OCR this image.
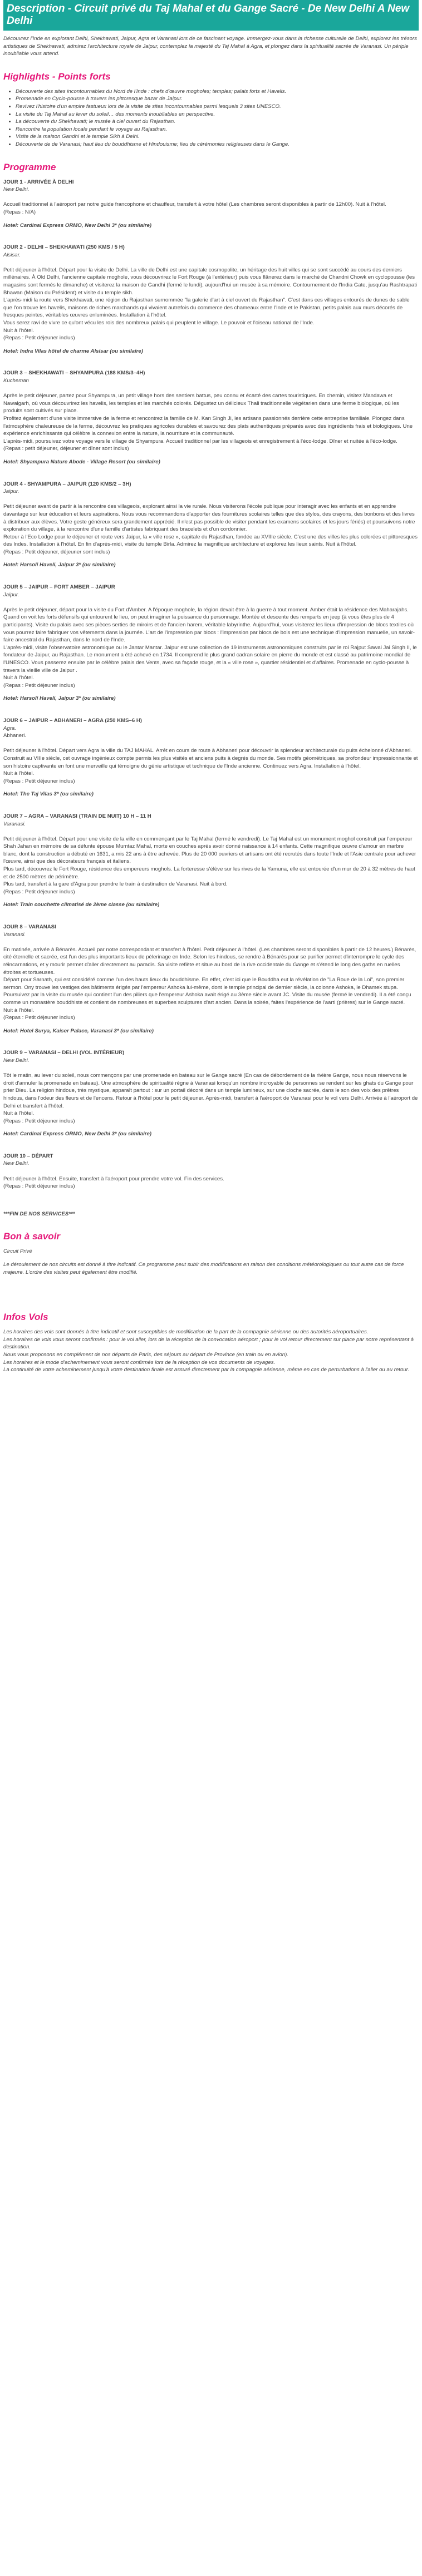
Description - Circuit privé du Taj Mahal et du Gange Sacré - De New Delhi A New Delhi

Découvrez l'Inde en explorant Delhi, Shekhawati, Jaipur, Agra et Varanasi lors de ce fascinant voyage. Immergez-vous dans la richesse culturelle de Delhi, explorez les trésors artistiques de Shekhawati, admirez l'architecture royale de Jaipur, contemplez la majesté du Taj Mahal à Agra, et plongez dans la spiritualité sacrée de Varanasi. Un périple inoubliable vous attend.

Highlights - Points forts
• Découverte des sites incontournables du Nord de l'Inde : chefs d'œuvre mogholes; temples; palais forts et Havelis.
• Promenade en Cyclo-pousse à travers les pittoresque bazar de Jaipur.
• Revivez l'histoire d'un empire fastueux lors de la visite de sites incontournables parmi lesquels 3 sites UNESCO.
• La visite du Taj Mahal au lever du soleil… des moments inoubliables en perspective.
• La découverte du Shekhawati; le musée à ciel ouvert du Rajasthan.
• Rencontre la population locale pendant le voyage au Rajasthan.
• Visite de la maison Gandhi et le temple Sikh à Delhi.
• Découverte de de Varanasi; haut lieu du bouddhisme et Hindouisme; lieu de cérémonies religieuses dans le Gange.
Programme

JOUR 1 - ARRIVÉE À DELHI

New Delhi.

Accueil traditionnel à l'aéroport par notre guide francophone et chauffeur, transfert à votre hôtel (Les chambres seront disponibles à partir de 12h00). Nuit à l'hôtel.

(Repas : N/A)

Hotel: Cardinal Express ORMO, New Delhi 3* (ou similaire)

JOUR 2 - DELHI – SHEKHAWATI (250 KMS / 5 H)

Alsisar.

Petit déjeuner à l'hôtel. Départ pour la visite de Delhi. La ville de Delhi est une capitale cosmopolite, un héritage des huit villes qui se sont succédé au cours des derniers millénaires. À Old Delhi, l'ancienne capitale moghole, vous découvrirez le Fort Rouge (à l'extérieur) puis vous flânerez dans le marché de Chandni Chowk en cyclopousse (les magasins sont fermés le dimanche) et visiterez la maison de Gandhi (fermé le lundi), aujourd'hui un musée à sa mémoire. Contournement de l'India Gate, jusqu'au Rashtrapati Bhawan (Maison du Président) et visite du temple sikh.

L'après-midi la route vers Shekhawati, une région du Rajasthan surnommée "la galerie d'art à ciel ouvert du Rajasthan". C'est dans ces villages entourés de dunes de sable que l'on trouve les havelis, maisons de riches marchands qui vivaient autrefois du commerce des chameaux entre l'Inde et le Pakistan, petits palais aux murs décorés de fresques peintes, véritables œuvres enluminées. Installation à l'hôtel.

Vous serez ravi de vivre ce qu'ont vécu les rois des nombreux palais qui peuplent le village. Le pouvoir et l'oiseau national de l'Inde.

Nuit à l'hôtel.

(Repas : Petit déjeuner inclus)

Hotel: Indra Vilas hôtel de charme Alsisar (ou similaire)

JOUR 3 – SHEKHAWATI – SHYAMPURA (188 KMS/3–4H)

Kucheman

Après le petit déjeuner, partez pour Shyampura, un petit village hors des sentiers battus, peu connu et écarté des cartes touristiques. En chemin, visitez Mandawa et Nawalgarh, où vous découvrirez les havelis, les temples et les marchés colorés. Dégustez un délicieux Thali traditionnelle végétarien dans une ferme biologique, où les produits sont cultivés sur place.

Profitez également d'une visite immersive de la ferme et rencontrez la famille de M. Kan Singh Ji, les artisans passionnés derrière cette entreprise familiale. Plongez dans l'atmosphère chaleureuse de la ferme, découvrez les pratiques agricoles durables et savourez des plats authentiques préparés avec des ingrédients frais et biologiques. Une expérience enrichissante qui célèbre la connexion entre la nature, la nourriture et la communauté.

L'après-midi, poursuivez votre voyage vers le village de Shyampura. Accueil traditionnel par les villageois et enregistrement à l'éco-lodge. Dîner et nuitée à l'éco-lodge.

(Repas : petit déjeuner, déjeuner et dîner sont inclus)

Hotel: Shyampura Nature Abode - Village Resort (ou similaire)

JOUR 4 - SHYAMPURA – JAIPUR (120 KMS/2 – 3H)

Jaipur.

Petit déjeuner avant de partir à la rencontre des villageois, explorant ainsi la vie rurale. Nous visiterons l'école publique pour interagir avec les enfants et en apprendre davantage sur leur éducation et leurs aspirations. Nous vous recommandons d'apporter des fournitures scolaires telles que des stylos, des crayons, des bonbons et des livres à distribuer aux élèves. Votre geste généreux sera grandement apprécié. Il n'est pas possible de visiter pendant les examens scolaires et les jours fériés) et poursuivons notre exploration du village, à la rencontre d'une famille d'artistes fabriquant des bracelets et d'un cordonnier.

Retour à l'Eco Lodge pour le déjeuner et route vers Jaipur, la « ville rose », capitale du Rajasthan, fondée au XVIIIe siècle. C'est une des villes les plus colorées et pittoresques des Indes. Installation à l'hôtel. En fin d'après-midi, visite du temple Birla. Admirez la magnifique architecture et explorez les lieux saints. Nuit à l'hôtel.

(Repas : Petit déjeuner, déjeuner sont inclus)

Hotel: Harsoli Haveli, Jaipur 3* (ou similaire)

JOUR 5 – JAIPUR – FORT AMBER – JAIPUR

Jaipur.

Après le petit déjeuner, départ pour la visite du Fort d'Amber. A l'époque moghole, la région devait être à la guerre à tout moment. Amber était la résidence des Maharajahs. Quand on voit les forts défensifs qui entourent le lieu, on peut imaginer la puissance du personnage. Montée et descente des remparts en jeep (à vous êtes plus de 4 participants). Visite du palais avec ses pièces serties de miroirs et de l'ancien harem, véritable labyrinthe. Aujourd'hui, vous visiterez les lieux d'impression de blocs textiles où vous pourrez faire fabriquer vos vêtements dans la journée. L'art de l'impression par blocs : l'impression par blocs de bois est une technique d'impression manuelle, un savoir-faire ancestral du Rajasthan, dans le nord de l'Inde.

L'après-midi, visite l'observatoire astronomique ou le Jantar Mantar. Jaipur est une collection de 19 instruments astronomiques construits par le roi Rajput Sawai Jai Singh II, le fondateur de Jaipur, au Rajasthan. Le monument a été achevé en 1734. Il comprend le plus grand cadran solaire en pierre du monde et est classé au patrimoine mondial de l'UNESCO. Vous passerez ensuite par le célèbre palais des Vents, avec sa façade rouge, et la « ville rose », quartier résidentiel et d'affaires. Promenade en cyclo-pousse à travers la vieille ville de Jaipur .

Nuit à l'hôtel.

(Repas : Petit déjeuner inclus)

Hotel: Harsoli Haveli, Jaipur 3* (ou similaire)

JOUR 6 – JAIPUR – ABHANERI – AGRA (250 KMS–6 H)

Agra.

Abhaneri.

Petit déjeuner à l'hôtel. Départ vers Agra la ville du TAJ MAHAL. Arrêt en cours de route à Abhaneri pour découvrir la splendeur architecturale du puits échelonné d'Abhaneri. Construit au VIIIe siècle, cet ouvrage ingénieux compte permis les plus visités et anciens puits à degrés du monde. Ses motifs géométriques, sa profondeur impressionnante et son histoire captivante en font une merveille qui témoigne du génie artistique et technique de l'Inde ancienne. Continuez vers Agra. Installation à l'hôtel.

Nuit à l'hôtel.

(Repas : Petit déjeuner inclus)

Hotel: The Taj Vilas 3* (ou similaire)

JOUR 7 – AGRA – VARANASI (TRAIN DE NUIT) 10 H – 11 H

Varanasi.

Petit déjeuner à l'hôtel. Départ pour une visite de la ville en commençant par le Taj Mahal (fermé le vendredi). Le Taj Mahal est un monument moghol construit par l'empereur Shah Jahan en mémoire de sa défunte épouse Mumtaz Mahal, morte en couches après avoir donné naissance à 14 enfants. Cette magnifique œuvre d'amour en marbre blanc, dont la construction a débuté en 1631, a mis 22 ans à être achevée. Plus de 20 000 ouvriers et artisans ont été recrutés dans toute l'Inde et l'Asie centrale pour achever l'œuvre, ainsi que des décorateurs français et italiens.

Plus tard, découvrez le Fort Rouge, résidence des empereurs moghols. La forteresse s'élève sur les rives de la Yamuna, elle est entourée d'un mur de 20 à 32 mètres de haut et de 2500 mètres de périmètre.

Plus tard, transfert à la gare d'Agra pour prendre le train à destination de Varanasi. Nuit à bord.

(Repas : Petit déjeuner inclus)

Hotel: Train couchette climatisé de 2ème classe (ou similaire)

JOUR 8 – VARANASI

Varanasi.

En matinée, arrivée à Bénarès. Accueil par notre correspondant et transfert à l'hôtel. Petit déjeuner à l'hôtel. (Les chambres seront disponibles à partir de 12 heures.) Bénarès, cité éternelle et sacrée, est l'un des plus importants lieux de pèlerinage en Inde. Selon les hindous, se rendre à Bénarès pour se purifier permet d'interrompre le cycle des réincarnations, et y mourir permet d'aller directement au paradis. Sa visite reflète et situe au bord de la rive occidentale du Gange et s'étend le long des gaths en ruelles étroites et tortueuses.

Départ pour Sarnath, qui est considéré comme l'un des hauts lieux du bouddhisme. En effet, c'est ici que le Bouddha eut la révélation de "La Roue de la Loi", son premier sermon. Ony trouve les vestiges des bâtiments érigés par l'empereur Ashoka lui-même, dont le temple principal de dernier siècle, la colonne Ashoka, le Dhamek stupa. Poursuivez par la visite du musée qui contient l'un des piliers que l'empereur Ashoka avait érigé au 3ème siècle avant JC. Visite du musée (fermé le vendredi). Il a été conçu comme un monastère bouddhiste et contient de nombreuses et superbes sculptures d'art ancien. Dans la soirée, faites l'expérience de l'aarti (prières) sur le Gange sacré.

Nuit à l'hôtel.

(Repas : Petit déjeuner inclus)

Hotel: Hotel Surya, Kaiser Palace, Varanasi 3* (ou similaire)

JOUR 9 – VARANASI – DELHI (VOL INTÉRIEUR)

New Delhi.

Tôt le matin, au lever du soleil, nous commençons par une promenade en bateau sur le Gange sacré (En cas de débordement de la rivière Gange, nous nous réservons le droit d'annuler la promenade en bateau). Une atmosphère de spiritualité règne à Varanasi lorsqu'un nombre incroyable de personnes se rendent sur les ghats du Gange pour prier Dieu. La religion hindoue, très mystique, apparaît partout : sur un portail décoré dans un temple lumineux, sur une cloche sacrée, dans le son des voix des prêtres hindous, dans l'odeur des fleurs et de l'encens. Retour à l'hôtel pour le petit déjeuner. Après-midi, transfert à l'aéroport de Varanasi pour le vol vers Delhi. Arrivée à l'aéroport de Delhi et transfert à l'hôtel.

Nuit à l'hôtel.

(Repas : Petit déjeuner inclus)

Hotel: Cardinal Express ORMO, New Delhi 3* (ou similaire)

JOUR 10 – DÉPART

New Delhi.

Petit déjeuner à l'hôtel. Ensuite, transfert à l'aéroport pour prendre votre vol. Fin des services.

(Repas : Petit déjeuner inclus)

***FIN DE NOS SERVICES***
Bon à savoir

Circuit Privé

Le déroulement de nos circuits est donné à titre indicatif. Ce programme peut subir des modifications en raison des conditions météorologiques ou tout autre cas de force majeure. L'ordre des visites peut également être modifié.

Infos Vols

Les horaires des vols sont donnés à titre indicatif et sont susceptibles de modification de la part de la compagnie aérienne ou des autorités aéroportuaires.

Les horaires de vols vous seront confirmés : pour le vol aller, lors de la réception de la convocation aéroport ; pour le vol retour directement sur place par notre représentant à destination.

Nous vous proposons en complément de nos départs de Paris, des séjours au départ de Province (en train ou en avion).

Les horaires et le mode d'acheminement vous seront confirmés lors de la réception de vos documents de voyages.

La continuité de votre acheminement jusqu'à votre destination finale est assuré directement par la compagnie aérienne, même en cas de perturbations à l'aller ou au retour.
